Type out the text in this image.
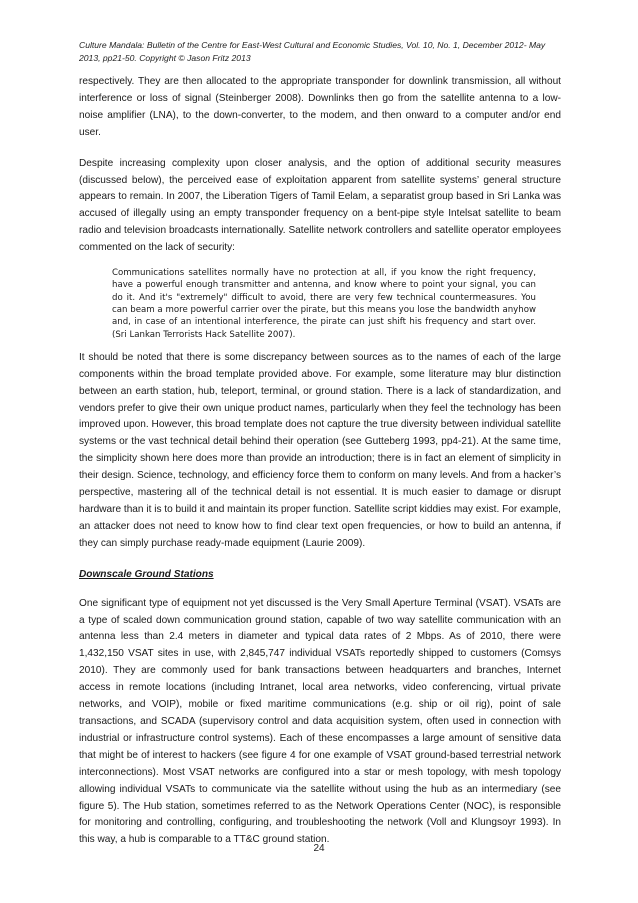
Culture Mandala: Bulletin of the Centre for East-West Cultural and Economic Studies, Vol. 10, No. 1, December 2012- May
2013, pp21-50. Copyright © Jason Fritz 2013

respectively. They are then allocated to the appropriate transponder for downlink transmission, all without interference or loss of signal (Steinberger 2008). Downlinks then go from the satellite antenna to a low-noise amplifier (LNA), to the down-converter, to the modem, and then onward to a computer and/or end user.

Despite increasing complexity upon closer analysis, and the option of additional security measures (discussed below), the perceived ease of exploitation apparent from satellite systems’ general structure appears to remain. In 2007, the Liberation Tigers of Tamil Eelam, a separatist group based in Sri Lanka was accused of illegally using an empty transponder frequency on a bent-pipe style Intelsat satellite to beam radio and television broadcasts internationally. Satellite network controllers and satellite operator employees commented on the lack of security:

Communications satellites normally have no protection at all, if you know the right frequency, have a powerful enough transmitter and antenna, and know where to point your signal, you can do it. And it's "extremely" difficult to avoid, there are very few technical countermeasures. You can beam a more powerful carrier over the pirate, but this means you lose the bandwidth anyhow and, in case of an intentional interference, the pirate can just shift his frequency and start over. (Sri Lankan Terrorists Hack Satellite 2007).

It should be noted that there is some discrepancy between sources as to the names of each of the large components within the broad template provided above. For example, some literature may blur distinction between an earth station, hub, teleport, terminal, or ground station. There is a lack of standardization, and vendors prefer to give their own unique product names, particularly when they feel the technology has been improved upon. However, this broad template does not capture the true diversity between individual satellite systems or the vast technical detail behind their operation (see Gutteberg 1993, pp4-21). At the same time, the simplicity shown here does more than provide an introduction; there is in fact an element of simplicity in their design. Science, technology, and efficiency force them to conform on many levels. And from a hacker’s perspective, mastering all of the technical detail is not essential. It is much easier to damage or disrupt hardware than it is to build it and maintain its proper function. Satellite script kiddies may exist. For example, an attacker does not need to know how to find clear text open frequencies, or how to build an antenna, if they can simply purchase ready-made equipment (Laurie 2009).

Downscale Ground Stations

One significant type of equipment not yet discussed is the Very Small Aperture Terminal (VSAT). VSATs are a type of scaled down communication ground station, capable of two way satellite communication with an antenna less than 2.4 meters in diameter and typical data rates of 2 Mbps. As of 2010, there were 1,432,150 VSAT sites in use, with 2,845,747 individual VSATs reportedly shipped to customers (Comsys 2010). They are commonly used for bank transactions between headquarters and branches, Internet access in remote locations (including Intranet, local area networks, video conferencing, virtual private networks, and VOIP), mobile or fixed maritime communications (e.g. ship or oil rig), point of sale transactions, and SCADA (supervisory control and data acquisition system, often used in connection with industrial or infrastructure control systems). Each of these encompasses a large amount of sensitive data that might be of interest to hackers (see figure 4 for one example of VSAT ground-based terrestrial network interconnections). Most VSAT networks are configured into a star or mesh topology, with mesh topology allowing individual VSATs to communicate via the satellite without using the hub as an intermediary (see figure 5). The Hub station, sometimes referred to as the Network Operations Center (NOC), is responsible for monitoring and controlling, configuring, and troubleshooting the network (Voll and Klungsoyr 1993). In this way, a hub is comparable to a TT&C ground station.

24
